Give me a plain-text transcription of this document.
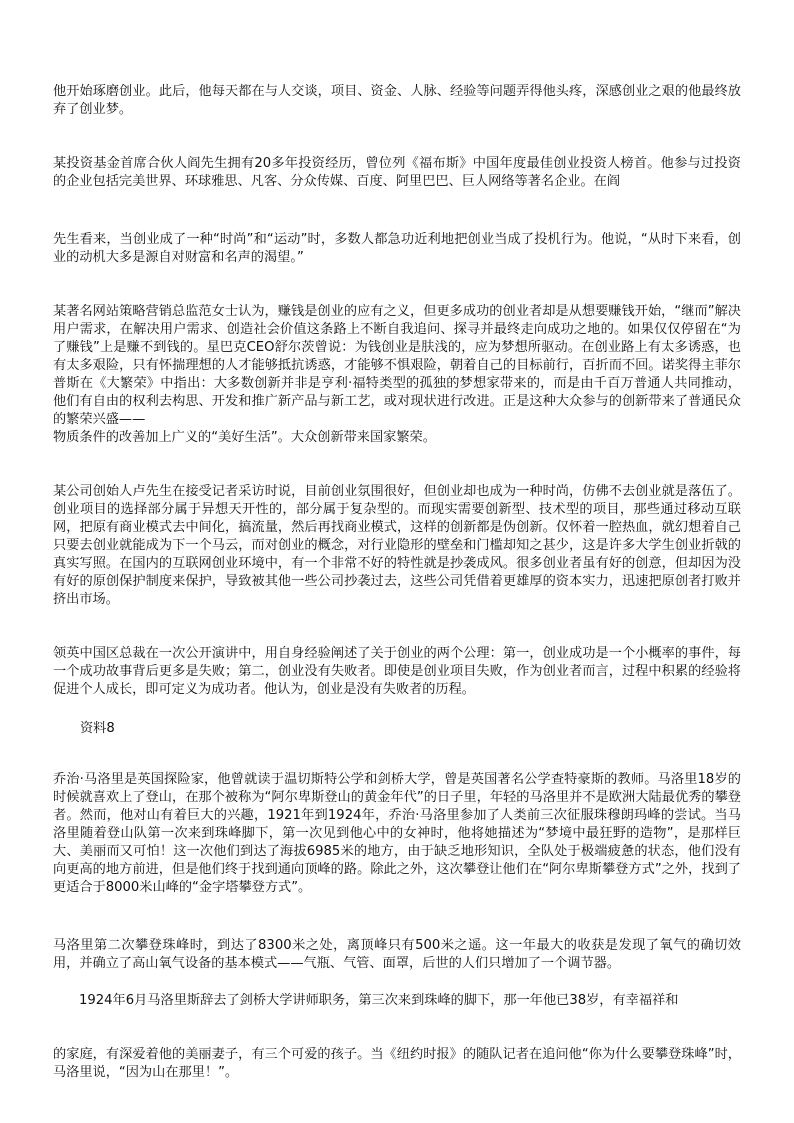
他开始琢磨创业。此后，他每天都在与人交谈，项目、资金、人脉、经验等问题弄得他头疼，深感创业之艰的他最终放弃了创业梦。

某投资基金首席合伙人阎先生拥有20多年投资经历，曾位列《福布斯》中国年度最佳创业投资人榜首。他参与过投资的企业包括完美世界、环球雅思、凡客、分众传媒、百度、阿里巴巴、巨人网络等著名企业。在阎

先生看来，当创业成了一种“时尚”和“运动”时，多数人都急功近利地把创业当成了投机行为。他说，“从时下来看，创业的动机大多是源自对财富和名声的渴望。”

某著名网站策略营销总监范女士认为，赚钱是创业的应有之义，但更多成功的创业者却是从想要赚钱开始，“继而”解决用户需求，在解决用户需求、创造社会价值这条路上不断自我追问、探寻并最终走向成功之地的。如果仅仅停留在“为了赚钱”上是赚不到钱的。星巴克CEO舒尔茨曾说：为钱创业是肤浅的，应为梦想所驱动。在创业路上有太多诱惑，也有太多艰险，只有怀揣理想的人才能够抵抗诱惑，才能够不惧艰险，朝着自己的目标前行，百折而不回。诺奖得主菲尔普斯在《大繁荣》中指出：大多数创新并非是亨利·福特类型的孤独的梦想家带来的，而是由千百万普通人共同推动，他们有自由的权利去构思、开发和推广新产品与新工艺，或对现状进行改进。正是这种大众参与的创新带来了普通民众的繁荣兴盛——

物质条件的改善加上广义的“美好生活”。大众创新带来国家繁荣。

某公司创始人卢先生在接受记者采访时说，目前创业氛围很好，但创业却也成为一种时尚，仿佛不去创业就是落伍了。创业项目的选择部分属于异想天开性的，部分属于复杂型的。而现实需要创新型、技术型的项目，那些通过移动互联网，把原有商业模式去中间化，搞流量，然后再找商业模式，这样的创新都是伪创新。仅怀着一腔热血，就幻想着自己只要去创业就能成为下一个马云，而对创业的概念，对行业隐形的壁垒和门槛却知之甚少，这是许多大学生创业折戟的真实写照。在国内的互联网创业环境中，有一个非常不好的特性就是抄袭成风。很多创业者虽有好的创意，但却因为没有好的原创保护制度来保护，导致被其他一些公司抄袭过去，这些公司凭借着更雄厚的资本实力，迅速把原创者打败并挤出市场。

领英中国区总裁在一次公开演讲中，用自身经验阐述了关于创业的两个公理：第一，创业成功是一个小概率的事件，每一个成功故事背后更多是失败；第二，创业没有失败者。即使是创业项目失败，作为创业者而言，过程中积累的经验将促进个人成长，即可定义为成功者。他认为，创业是没有失败者的历程。

资料8

乔治·马洛里是英国探险家，他曾就读于温切斯特公学和剑桥大学，曾是英国著名公学查特豪斯的教师。马洛里18岁的时候就喜欢上了登山，在那个被称为“阿尔卑斯登山的黄金年代”的日子里，年轻的马洛里并不是欧洲大陆最优秀的攀登者。然而，他对山有着巨大的兴趣，1921年到1924年，乔治·马洛里参加了人类前三次征服珠穆朗玛峰的尝试。当马洛里随着登山队第一次来到珠峰脚下，第一次见到他心中的女神时，他将她描述为“梦境中最狂野的造物”，是那样巨大、美丽而又可怕！这一次他们到达了海拔6985米的地方，由于缺乏地形知识，全队处于极端疲惫的状态，他们没有向更高的地方前进，但是他们终于找到通向顶峰的路。除此之外，这次攀登让他们在“阿尔卑斯攀登方式”之外，找到了更适合于8000米山峰的“金字塔攀登方式”。

马洛里第二次攀登珠峰时，到达了8300米之处，离顶峰只有500米之遥。这一年最大的收获是发现了氧气的确切效用，并确立了高山氧气设备的基本模式——气瓶、气管、面罩，后世的人们只增加了一个调节器。

1924年6月马洛里斯辞去了剑桥大学讲师职务，第三次来到珠峰的脚下，那一年他已38岁，有幸福祥和

的家庭，有深爱着他的美丽妻子，有三个可爱的孩子。当《纽约时报》的随队记者在追问他“你为什么要攀登珠峰”时，马洛里说，“因为山在那里！”。
